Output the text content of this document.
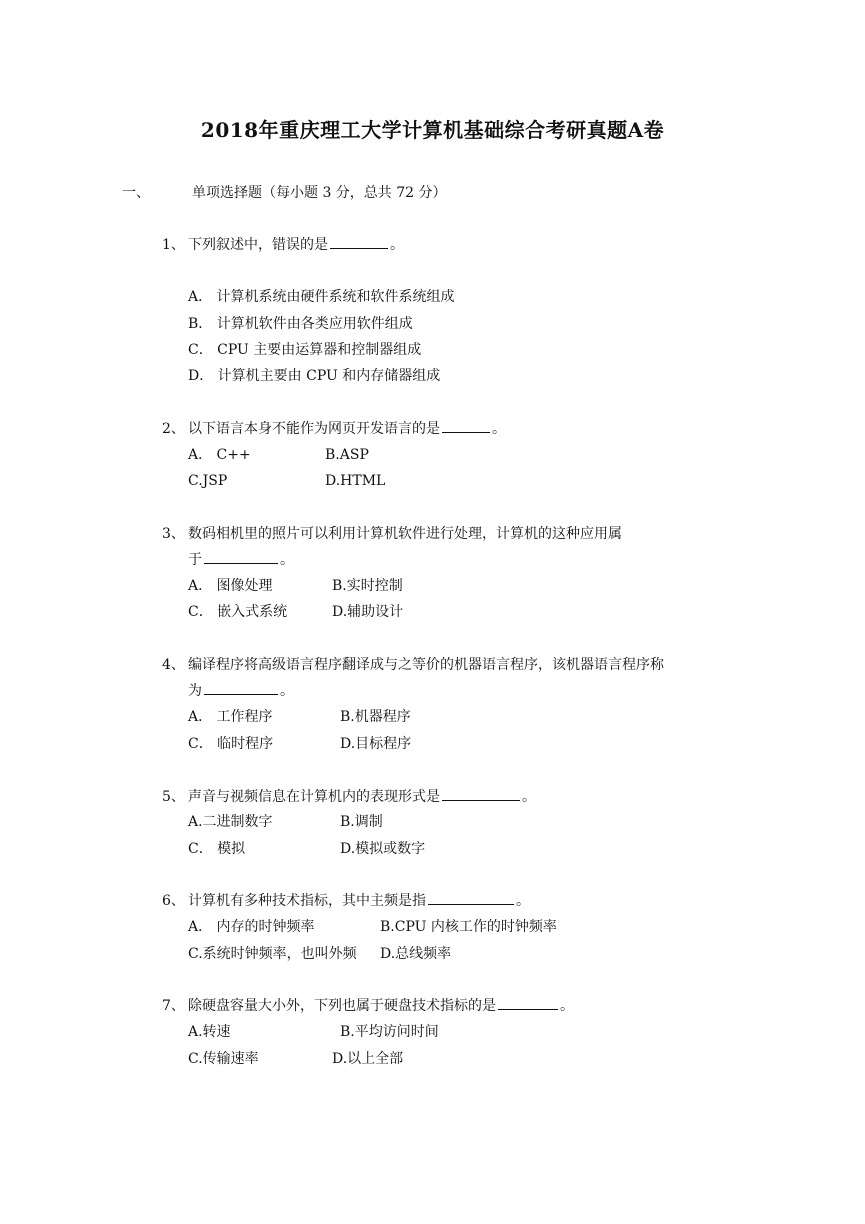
2018年重庆理工大学计算机基础综合考研真题A卷
一、	单项选择题（每小题 3 分，总共 72 分）
1、 下列叙述中，错误的是	。
A． 计算机系统由硬件系统和软件系统组成
B． 计算机软件由各类应用软件组成
C． CPU 主要由运算器和控制器组成
D． 计算机主要由 CPU 和内存储器组成
2、 以下语言本身不能作为网页开发语言的是	。
A． C++	B.ASP
C.JSP	D.HTML
3、 数码相机里的照片可以利用计算机软件进行处理，计算机的这种应用属
于	。
A． 图像处理	B.实时控制
C． 嵌入式系统	D.辅助设计
4、 编译程序将高级语言程序翻译成与之等价的机器语言程序，该机器语言程序称
为	。
A． 工作程序	B.机器程序
C． 临时程序	D.目标程序
5、 声音与视频信息在计算机内的表现形式是	。
A.二进制数字	B.调制
C． 模拟	D.模拟或数字
6、 计算机有多种技术指标，其中主频是指	。
A． 内存的时钟频率	B.CPU 内核工作的时钟频率
C.系统时钟频率，也叫外频 D.总线频率
7、 除硬盘容量大小外，下列也属于硬盘技术指标的是	。
A.转速	B.平均访问时间
C.传输速率	D.以上全部
